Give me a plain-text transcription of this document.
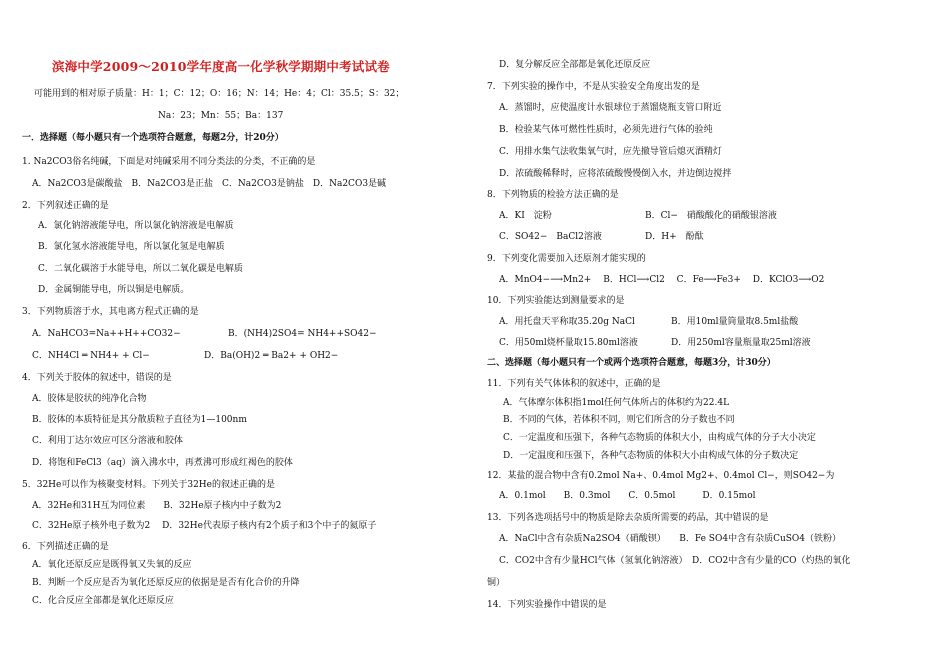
滨海中学2009～2010学年度高一化学秋学期期中考试试卷
可能用到的相对原子质量：H：1；C：12；O：16；N：14；He：4；Cl：35.5；S：32；
Na：23；Mn：55；Ba：137
一．选择题（每小题只有一个选项符合题意，每题2分，计20分）
1. Na2CO3俗名纯碱，下面是对纯碱采用不同分类法的分类，不正确的是
A．Na2CO3是碳酸盐　B．Na2CO3是正盐　C．Na2CO3是钠盐　D．Na2CO3是碱
2．下列叙述正确的是
A．氯化钠溶液能导电，所以氯化钠溶液是电解质
B．氯化氢水溶液能导电，所以氯化氢是电解质
C．二氧化碳溶于水能导电，所以二氧化碳是电解质
D．金属铜能导电，所以铜是电解质。
3．下列物质溶于水，其电离方程式正确的是
A．NaHCO3=Na++H++CO32−	B．(NH4)2SO4= NH4++SO42−
C．NH4Cl ═ NH4+ + Cl−	D．Ba(OH)2 ═ Ba2+ + OH2−
4．下列关于胶体的叙述中，错误的是
A．胶体是胶状的纯净化合物
B．胶体的本质特征是其分散质粒子直径为1—100nm
C．利用丁达尔效应可区分溶液和胶体
D．将饱和FeCl3（aq）滴入沸水中，再煮沸可形成红褐色的胶体
5．32He可以作为核聚变材料。下列关于32He的叙述正确的是
A．32He和31H互为同位素　　B．32He原子核内中子数为2
C．32He原子核外电子数为2　 D．32He代表原子核内有2个质子和3个中子的氦原子
6．下列描述正确的是
A．氧化还原反应是既得氧又失氧的反应
B．判断一个反应是否为氧化还原反应的依据是是否有化合价的升降
C．化合反应全部都是氧化还原反应
D．复分解反应全部都是氧化还原反应
7．下列实验的操作中，不是从实验安全角度出发的是
A．蒸馏时，应使温度计水银球位于蒸馏烧瓶支管口附近
B．检验某气体可燃性性质时，必须先进行气体的验纯
C．用排水集气法收集氧气时，应先撤导管后熄灭酒精灯
D．浓硫酸稀释时，应将浓硫酸慢慢倒入水，并边倒边搅拌
8．下列物质的检验方法正确的是
A．KI　淀粉	B．Cl−　硝酸酸化的硝酸银溶液
C．SO42−　BaCl2溶液	D．H+　酚酞
9．下列变化需要加入还原剂才能实现的
A．MnO4−⟶Mn2+　 B．HCl⟶Cl2　 C．Fe⟶Fe3+　 D．KClO3⟶O2
10．下列实验能达到测量要求的是
A．用托盘天平称取35.20g NaCl	B．用10ml量筒量取8.5ml盐酸
C．用50ml烧杯量取15.80ml溶液	D．用250ml容量瓶量取25ml溶液
二、选择题（每小题只有一个或两个选项符合题意，每题3分，计30分）
11．下列有关气体体积的叙述中，正确的是
A．气体摩尔体积指1mol任何气体所占的体积约为22.4L
B．不同的气体，若体积不同，则它们所含的分子数也不同
C．一定温度和压强下，各种气态物质的体积大小，由构成气体的分子大小决定
D．一定温度和压强下，各种气态物质的体积大小由构成气体的分子数决定
12．某盐的混合物中含有0.2mol Na+、0.4mol Mg2+、0.4mol Cl−，则SO42−为
A．0.1mol　　B．0.3mol　　C．0.5mol　　　D．0.15mol
13．下列各选项括号中的物质是除去杂质所需要的药品，其中错误的是
A．NaCl中含有杂质Na2SO4（硝酸钡）　　B．Fe SO4中含有杂质CuSO4（铁粉）
C．CO2中含有少量HCl气体（氢氧化钠溶液）　D．CO2中含有少量的CO（灼热的氧化
铜）
14．下列实验操作中错误的是
